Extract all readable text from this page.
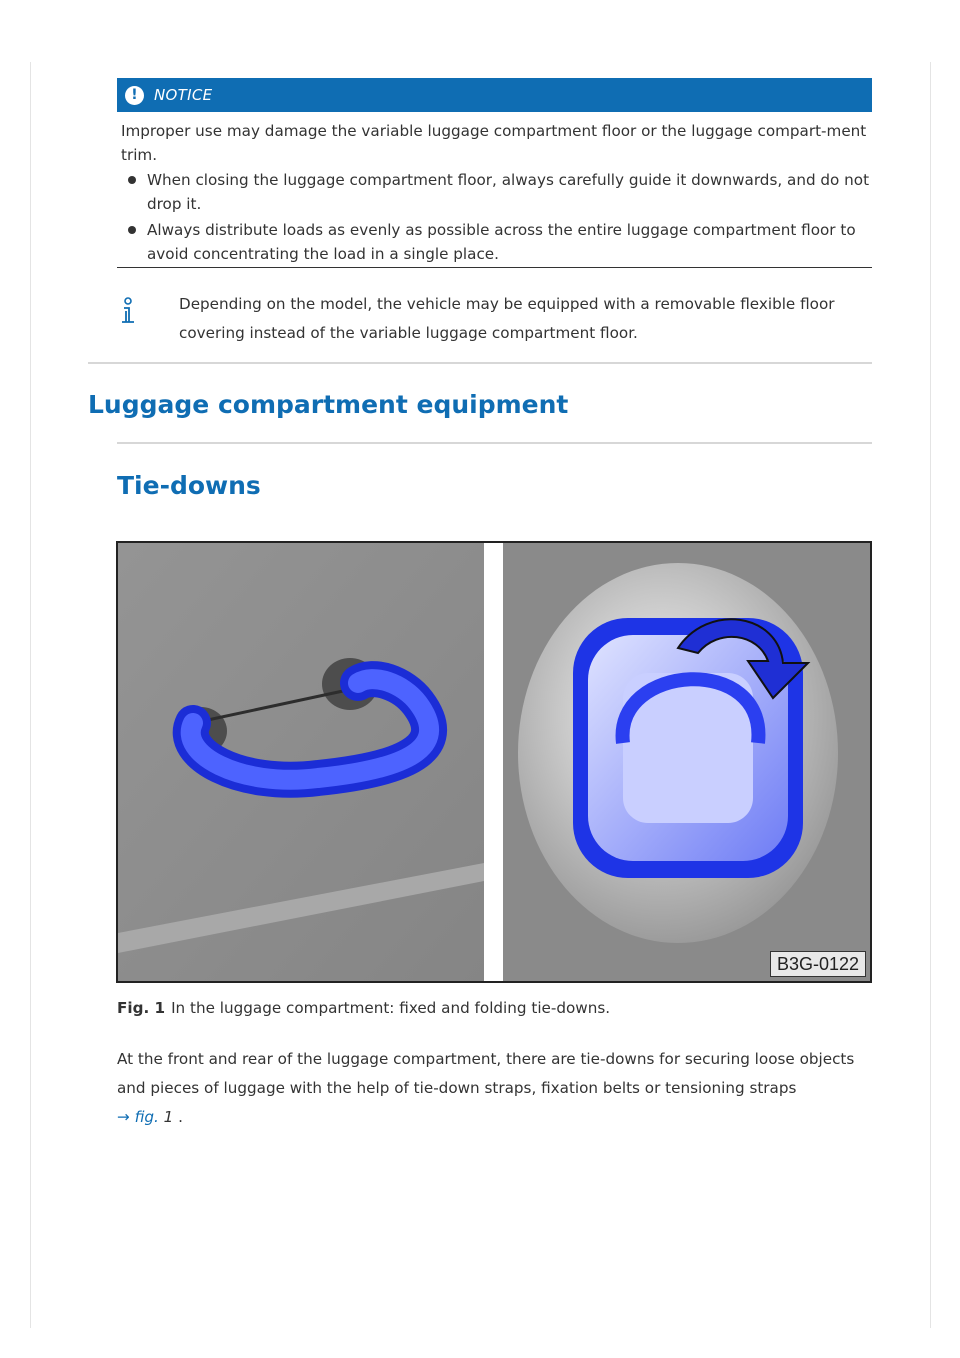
!	NOTICE
Improper use may damage the variable luggage compartment floor or the luggage compart-ment trim.
When closing the luggage compartment floor, always carefully guide it downwards, and do not drop it.
Always distribute loads as evenly as possible across the entire luggage compartment floor to avoid concentrating the load in a single place.
Depending on the model, the vehicle may be equipped with a removable flexible floor covering instead of the variable luggage compartment floor.
Luggage compartment equipment
Tie-downs
B3G-0122
Fig. 1 In the luggage compartment: fixed and folding tie-downs.
At the front and rear of the luggage compartment, there are tie-downs for securing loose objects and pieces of luggage with the help of tie-down straps, fixation belts or tensioning straps
→ fig. 1 .
